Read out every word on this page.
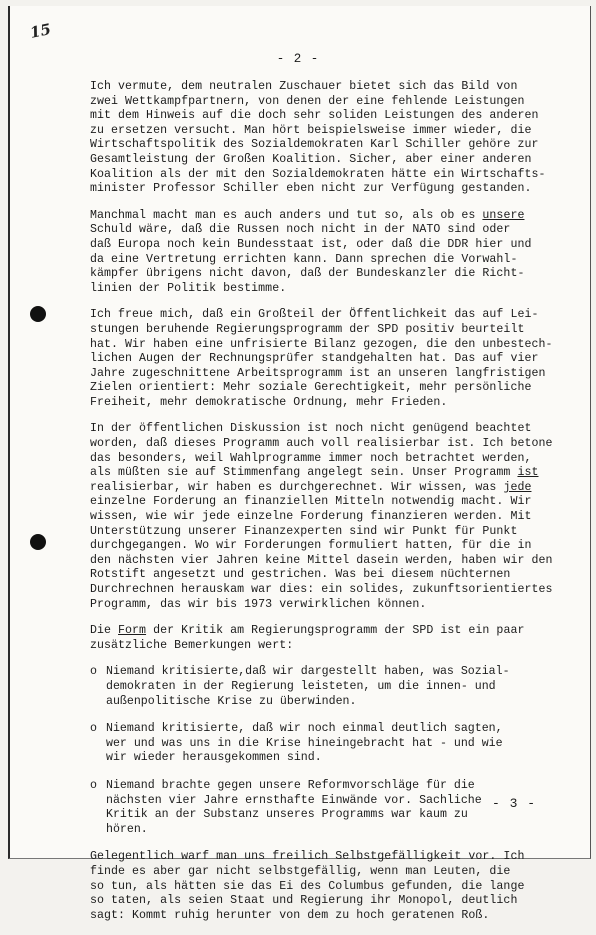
15
- 2 -

Ich vermute, dem neutralen Zuschauer bietet sich das Bild von
zwei Wettkampfpartnern, von denen der eine fehlende Leistungen
mit dem Hinweis auf die doch sehr soliden Leistungen des anderen
zu ersetzen versucht. Man hört beispielsweise immer wieder, die
Wirtschaftspolitik des Sozialdemokraten Karl Schiller gehöre zur
Gesamtleistung der Großen Koalition. Sicher, aber einer anderen
Koalition als der mit den Sozialdemokraten hätte ein Wirtschafts-
minister Professor Schiller eben nicht zur Verfügung gestanden.

Manchmal macht man es auch anders und tut so, als ob es unsere
Schuld wäre, daß die Russen noch nicht in der NATO sind oder
daß Europa noch kein Bundesstaat ist, oder daß die DDR hier und
da eine Vertretung errichten kann. Dann sprechen die Vorwahl-
kämpfer übrigens nicht davon, daß der Bundeskanzler die Richt-
linien der Politik bestimme.

Ich freue mich, daß ein Großteil der Öffentlichkeit das auf Lei-
stungen beruhende Regierungsprogramm der SPD positiv beurteilt
hat. Wir haben eine unfrisierte Bilanz gezogen, die den unbestech-
lichen Augen der Rechnungsprüfer standgehalten hat. Das auf vier
Jahre zugeschnittene Arbeitsprogramm ist an unseren langfristigen
Zielen orientiert: Mehr soziale Gerechtigkeit, mehr persönliche
Freiheit, mehr demokratische Ordnung, mehr Frieden.

In der öffentlichen Diskussion ist noch nicht genügend beachtet
worden, daß dieses Programm auch voll realisierbar ist. Ich betone
das besonders, weil Wahlprogramme immer noch betrachtet werden,
als müßten sie auf Stimmenfang angelegt sein. Unser Programm ist
realisierbar, wir haben es durchgerechnet. Wir wissen, was jede
einzelne Forderung an finanziellen Mitteln notwendig macht. Wir
wissen, wie wir jede einzelne Forderung finanzieren werden. Mit
Unterstützung unserer Finanzexperten sind wir Punkt für Punkt
durchgegangen. Wo wir Forderungen formuliert hatten, für die in
den nächsten vier Jahren keine Mittel dasein werden, haben wir den
Rotstift angesetzt und gestrichen. Was bei diesem nüchternen
Durchrechnen herauskam war dies: ein solides, zukunftsorientiertes
Programm, das wir bis 1973 verwirklichen können.

Die Form der Kritik am Regierungsprogramm der SPD ist ein paar
zusätzliche Bemerkungen wert:

o Niemand kritisierte,daß wir dargestellt haben, was Sozial-
demokraten in der Regierung leisteten, um die innen- und
außenpolitische Krise zu überwinden.
o Niemand kritisierte, daß wir noch einmal deutlich sagten,
wer und was uns in die Krise hineingebracht hat - und wie
wir wieder herausgekommen sind.
o Niemand brachte gegen unsere Reformvorschläge für die
nächsten vier Jahre ernsthafte Einwände vor. Sachliche
Kritik an der Substanz unseres Programms war kaum zu
hören.

Gelegentlich warf man uns freilich Selbstgefälligkeit vor. Ich
finde es aber gar nicht selbstgefällig, wenn man Leuten, die
so tun, als hätten sie das Ei des Columbus gefunden, die lange
so taten, als seien Staat und Regierung ihr Monopol, deutlich
sagt: Kommt ruhig herunter von dem zu hoch geratenen Roß.

- 3 -
